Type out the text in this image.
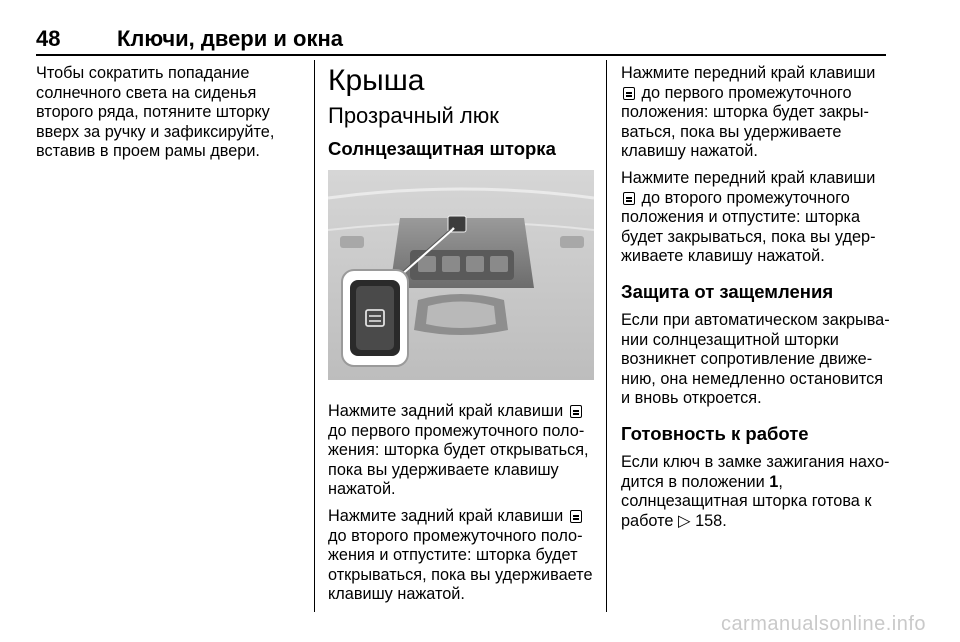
48	Ключи, двери и окна

Чтобы сократить попадание солнечного света на сиденья второго ряда, потяните шторку вверх за ручку и зафиксируйте, вставив в проем рамы двери.

Крыша
Прозрачный люк
Солнцезащитная шторка

Нажмите задний край клавиши  до первого промежуточного положения: шторка будет открываться, пока вы удерживаете клавишу нажатой.

Нажмите задний край клавиши  до второго промежуточного положения и отпустите: шторка будет открываться, пока вы удерживаете клавишу нажатой.

Нажмите передний край клавиши  до первого промежуточного положения: шторка будет закрываться, пока вы удерживаете клавишу нажатой.

Нажмите передний край клавиши  до второго промежуточного положения и отпустите: шторка будет закрываться, пока вы удерживаете клавишу нажатой.

Защита от защемления

Если при автоматическом закрывании солнцезащитной шторки возникнет сопротивление движению, она немедленно остановится и вновь откроется.

Готовность к работе

Если ключ в замке зажигания находится в положении 1, солнцезащитная шторка готова к работе ▷ 158.

carmanualsonline.info
